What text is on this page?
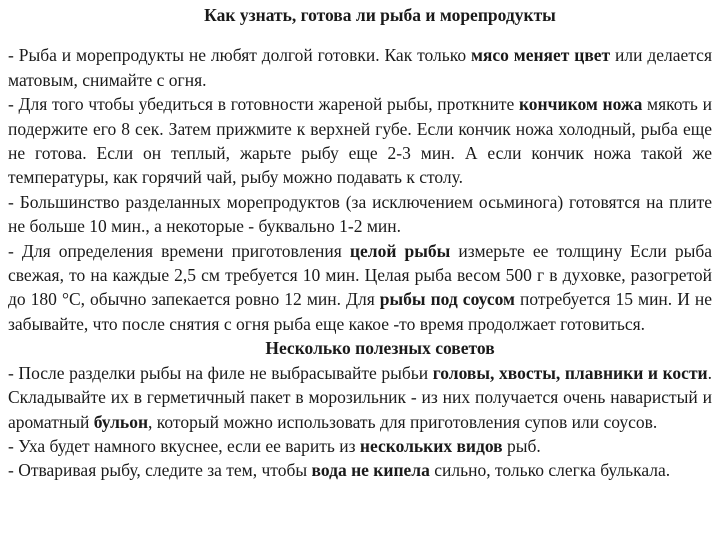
Как узнать, готова ли рыба и морепродукты

- Рыба и морепродукты не любят долгой готовки. Как только мясо меняет цвет или делается матовым, снимайте с огня.

- Для того чтобы убедиться в готовности жареной рыбы, проткните кончиком ножа мякоть и подержите его 8 сек. Затем прижмите к верхней губе. Если кончик ножа холодный, рыба еще не готова. Если он теплый, жарьте рыбу еще 2-3 мин. А если кончик ножа такой же температуры, как горячий чай, рыбу можно подавать к столу.

- Большинство разделанных морепродуктов (за исключением осьминога) готовятся на плите не больше 10 мин., а некоторые - буквально 1-2 мин.

- Для определения времени приготовления целой рыбы измерьте ее толщину Если рыба свежая, то на каждые 2,5 см требуется 10 мин. Целая рыба весом 500 г в духовке, разогретой до 180 °С, обычно запекается ровно 12 мин. Для рыбы под соусом потребуется 15 мин. И не забывайте, что после снятия с огня рыба еще какое -то время продолжает готовиться.

Несколько полезных советов

- После разделки рыбы на филе не выбрасывайте рыбьи головы, хвосты, плавники и кости. Складывайте их в герметичный пакет в морозильник - из них получается очень наваристый и ароматный бульон, который можно использовать для приготовления супов или соусов.

- Уха будет намного вкуснее, если ее варить из нескольких видов рыб.

- Отваривая рыбу, следите за тем, чтобы вода не кипела сильно, только слегка булькала.
